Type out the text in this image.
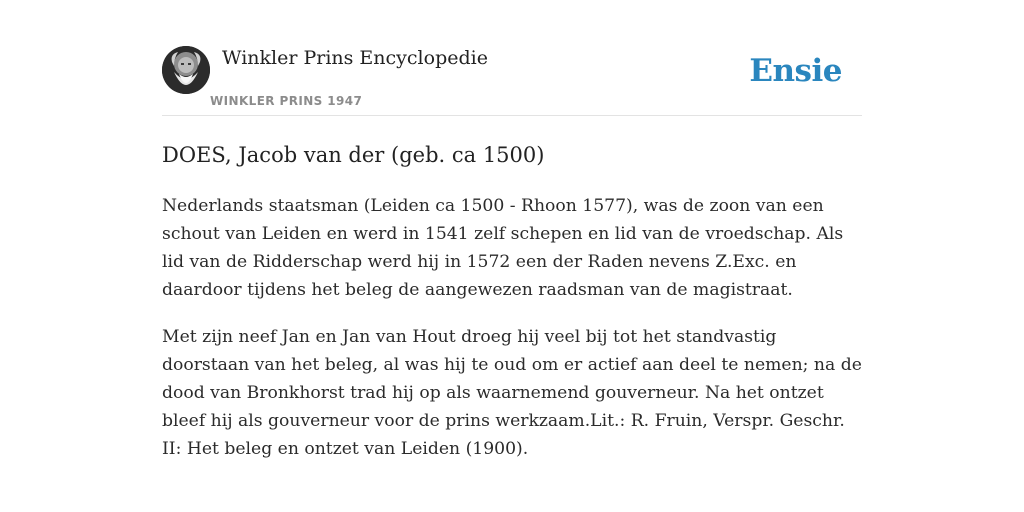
Winkler Prins Encyclopedie
WINKLER PRINS 1947
Ensie
DOES, Jacob van der (geb. ca 1500)

Nederlands staatsman (Leiden ca 1500 - Rhoon 1577), was de zoon van een schout van Leiden en werd in 1541 zelf schepen en lid van de vroedschap. Als lid van de Ridderschap werd hij in 1572 een der Raden nevens Z.Exc. en daardoor tijdens het beleg de aangewezen raadsman van de magistraat.

Met zijn neef Jan en Jan van Hout droeg hij veel bij tot het standvastig doorstaan van het beleg, al was hij te oud om er actief aan deel te nemen; na de dood van Bronkhorst trad hij op als waarnemend gouverneur. Na het ontzet bleef hij als gouverneur voor de prins werkzaam.Lit.: R. Fruin, Verspr. Geschr. II: Het beleg en ontzet van Leiden (1900).
